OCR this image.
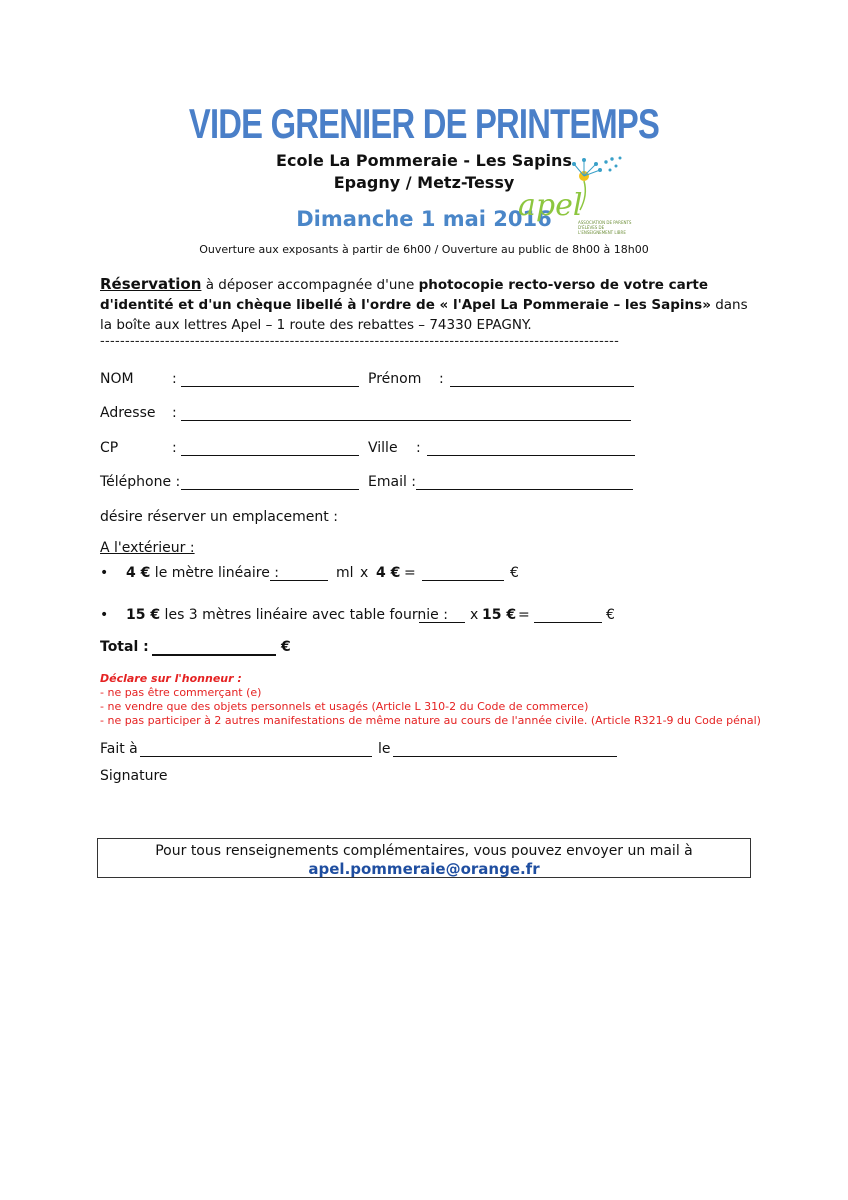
VIDE GRENIER DE PRINTEMPS
Ecole La Pommeraie - Les Sapins
Epagny / Metz-Tessy
Dimanche 1 mai 2016
Ouverture aux exposants à partir de 6h00 / Ouverture au public de 8h00 à 18h00
apel
ASSOCIATION DE PARENTS D'ÉLÈVES DE L'ENSEIGNEMENT LIBRE
Réservation à déposer accompagnée d'une photocopie recto-verso de votre carte d'identité et d'un chèque libellé à l'ordre de « l'Apel La Pommeraie – les Sapins» dans la boîte aux lettres Apel – 1 route des rebattes – 74330 EPAGNY.
--------------------------------------------------------------------------------------------------------
NOM	:	Prénom :
Adresse :
CP	:	Ville :
Téléphone :	Email :
désire réserver un emplacement :
A l'extérieur :
• 4 € le mètre linéaire :	ml x 4 € =	€
• 15 € les 3 mètres linéaire avec table fournie : x 15 € =	€
Total :	€
Déclare sur l'honneur :
- ne pas être commerçant (e)
- ne vendre que des objets personnels et usagés (Article L 310-2 du Code de commerce)
- ne pas participer à 2 autres manifestations de même nature au cours de l'année civile. (Article R321-9 du Code pénal)
Fait à	le
Signature
Pour tous renseignements complémentaires, vous pouvez envoyer un mail à
apel.pommeraie@orange.fr
